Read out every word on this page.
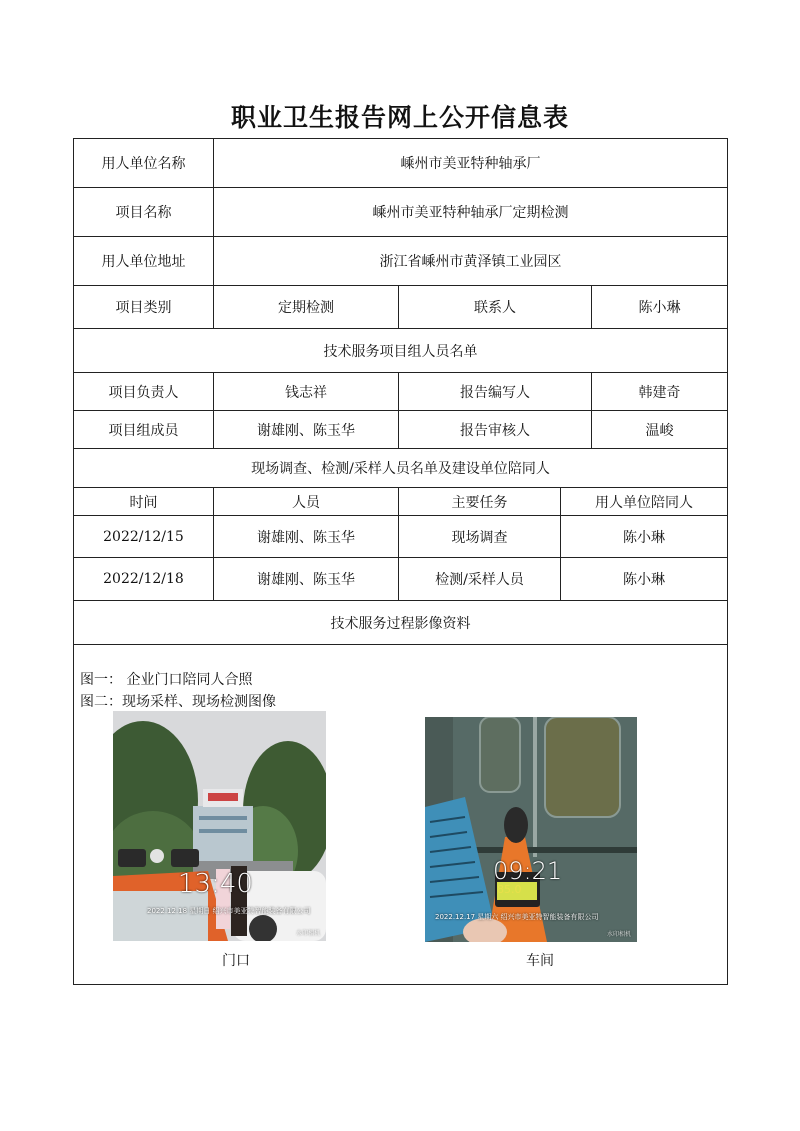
职业卫生报告网上公开信息表
用人单位名称	嵊州市美亚特种轴承厂
项目名称	嵊州市美亚特种轴承厂定期检测
用人单位地址	浙江省嵊州市黄泽镇工业园区
项目类别	定期检测	联系人	陈小琳
技术服务项目组人员名单
项目负责人	钱志祥	报告编写人	韩建奇
项目组成员	谢雄刚、陈玉华	报告审核人	温峻
现场调查、检测/采样人员名单及建设单位陪同人
时间	人员	主要任务	用人单位陪同人
2022/12/15	谢雄刚、陈玉华	现场调查	陈小琳
2022/12/18	谢雄刚、陈玉华	检测/采样人员	陈小琳
技术服务过程影像资料
图一： 企业门口陪同人合照
图二：现场采样、现场检测图像
13:40
2022.12.18 星期日 绍兴市美亚特智能装备有限公司
水印相机
门口
09:21
85.0
2022.12.17 星期六 绍兴市美亚特智能装备有限公司
水印相机
车间
